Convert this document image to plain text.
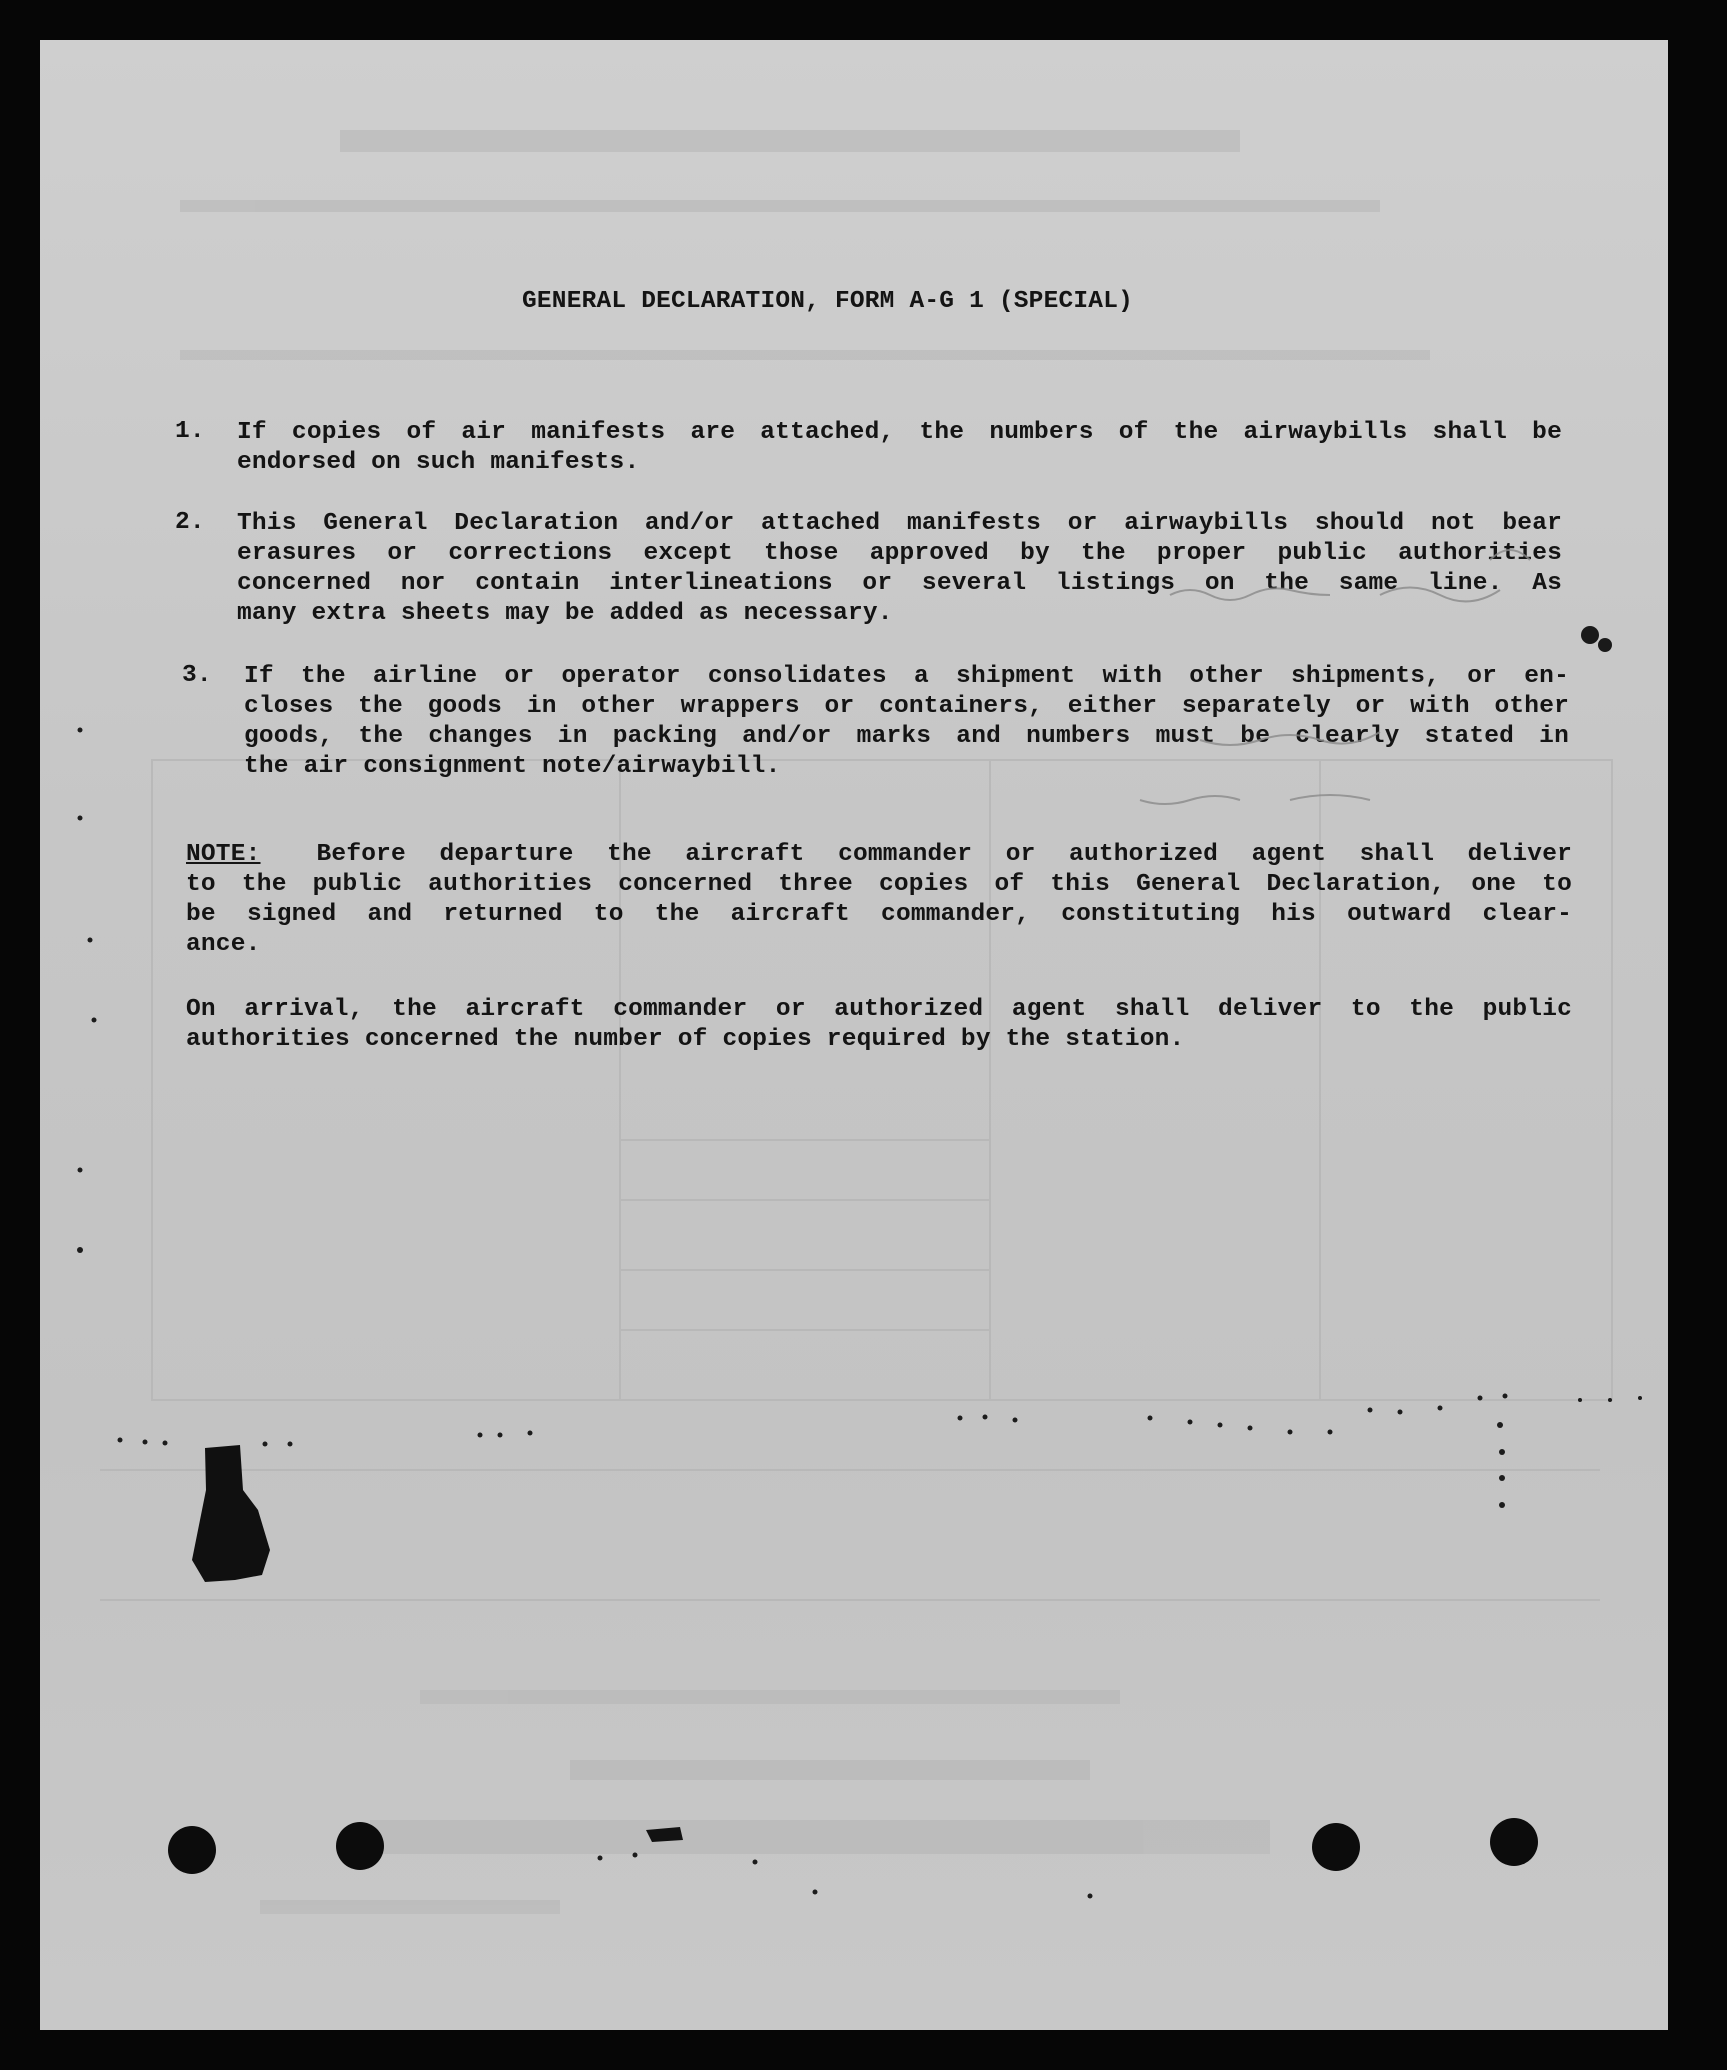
GENERAL DECLARATION, FORM A-G 1 (SPECIAL)
1.	If copies of air manifests are attached, the numbers of the airwaybills shall be
endorsed on such manifests.
2.	This General Declaration and/or attached manifests or airwaybills should not bear
erasures or corrections except those approved by the proper public authorities
concerned nor contain interlineations or several listings on the same line. As
many extra sheets may be added as necessary.
3.	If the airline or operator consolidates a shipment with other shipments, or en-
closes the goods in other wrappers or containers, either separately or with other
goods, the changes in packing and/or marks and numbers must be clearly stated in
the air consignment note/airwaybill.
NOTE: Before departure the aircraft commander or authorized agent shall deliver
to the public authorities concerned three copies of this General Declaration, one to
be signed and returned to the aircraft commander, constituting his outward clear-
ance.
On arrival, the aircraft commander or authorized agent shall deliver to the public
authorities concerned the number of copies required by the station.
